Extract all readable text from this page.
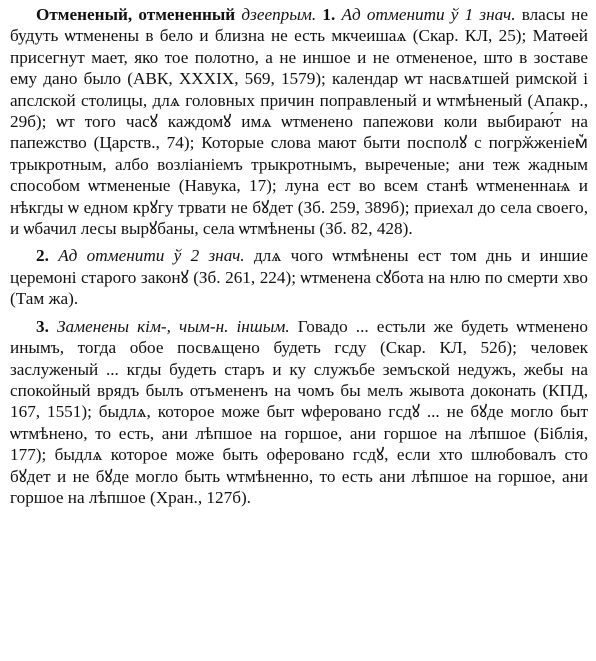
Отменeный, отмененный дзеепрым. 1. Ад отменити ў 1 знач. власы не будуть ѡтменены в бело и близна не есть мкчеишаѧ (Скар. КЛ, 25); Матѳей присегнут мает, яко тое полотно, а не иншое и не отмененое, што в зоставе ему дано было (АВК, XXXIX, 569, 1579); календар ѡт насвѧтшей римской і апслской столицы, длѧ головных причин поправленый и ѡтмѣненый (Апакр., 29б); ѡт того часꙋ каждомꙋ имѧ ѡтменено папежови коли выбираю́т на папежство (Царств., 74); Которые слова мают быти посполꙋ с погрӂженіем꙽ трыкротным, албо возліаніемъ трыкротнымъ, выреченые; ани теж жадным способом ѡтмененые (Навука, 17); луна ест во всем станѣ ѡтмененнаѩ и нѣкгды ѡ едном крꙋгу трвати не бꙋдет (Зб. 259, 389б); приехал до села своего, и ѡбачил лесы вырꙋбаны, села ѡтмѣнены (Зб. 82, 428).

2. Ад отменити ў 2 знач. длѧ чого ѡтмѣнены ест том днь и иншие церемоні старого законꙋ (Зб. 261, 224); ѡтменена сꙋбота на нлю по смерти хво (Там жа).

3. Заменены кім-, чым-н. іншым. Говадо ... естьли же будеть ѡтменено инымъ, тогда обое посвѧщено будеть гсду (Скар. КЛ, 52б); человек заслуженый ... кгды будеть старъ и ку служъбе земъской недужъ, жебы на спокойный врядъ былъ отъмененъ на чомъ бы мелъ жывота доконать (КПД, 167, 1551); быдлѧ, которое може быт ѡферовано гсдꙋ ... не бꙋде могло быт ѡтмѣнено, то есть, ани лѣпшое на горшое, ани горшое на лѣпшое (Біблія, 177); быдлѧ которое може быть оферовано гсдꙋ, если хто шлюбовалъ сто бꙋдет и не бꙋде могло быть ѡтмѣненно, то есть ани лѣпшое на горшое, ани горшое на лѣпшое (Хран., 127б).
